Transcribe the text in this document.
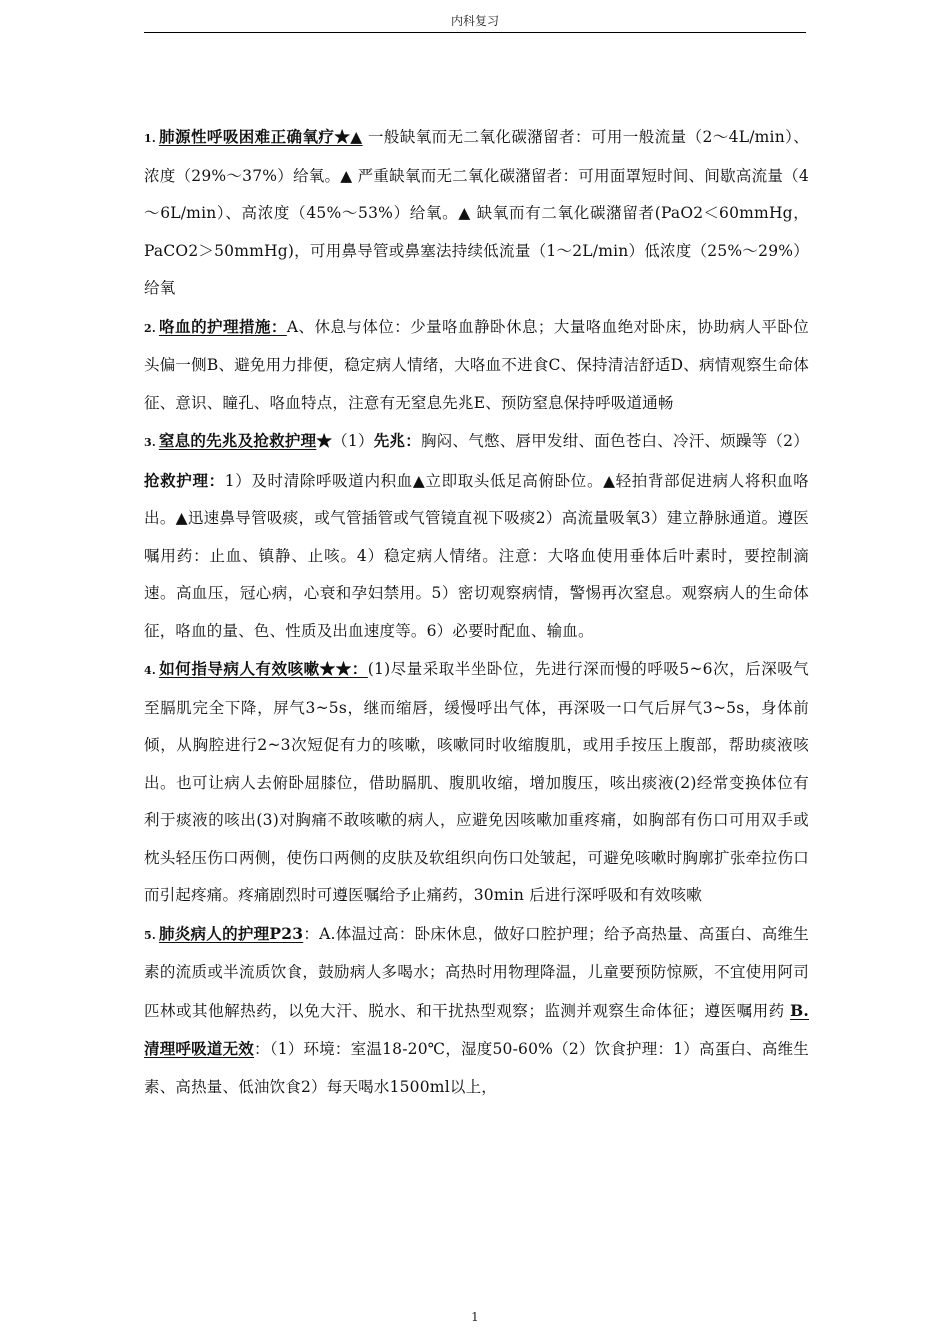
内科复习

1. 肺源性呼吸困难正确氧疗★▲ 一般缺氧而无二氧化碳潴留者：可用一般流量（2～4L/min）、浓度（29%～37%）给氧。▲ 严重缺氧而无二氧化碳潴留者：可用面罩短时间、间歇高流量（4～6L/min）、高浓度（45%～53%）给氧。▲ 缺氧而有二氧化碳潴留者(PaO2＜60mmHg，PaCO2＞50mmHg)，可用鼻导管或鼻塞法持续低流量（1～2L/min）低浓度（25%～29%）给氧

2. 咯血的护理措施：A、休息与体位：少量咯血静卧休息；大量咯血绝对卧床，协助病人平卧位头偏一侧B、避免用力排便，稳定病人情绪，大咯血不进食C、保持清洁舒适D、病情观察生命体征、意识、瞳孔、咯血特点，注意有无窒息先兆E、预防窒息保持呼吸道通畅

3. 窒息的先兆及抢救护理★（1）先兆：胸闷、气憋、唇甲发绀、面色苍白、冷汗、烦躁等（2）抢救护理：1）及时清除呼吸道内积血▲立即取头低足高俯卧位。▲轻拍背部促进病人将积血咯出。▲迅速鼻导管吸痰，或气管插管或气管镜直视下吸痰2）高流量吸氧3）建立静脉通道。遵医嘱用药：止血、镇静、止咳。4）稳定病人情绪。注意：大咯血使用垂体后叶素时，要控制滴速。高血压，冠心病，心衰和孕妇禁用。5）密切观察病情，警惕再次窒息。观察病人的生命体征，咯血的量、色、性质及出血速度等。6）必要时配血、输血。

4. 如何指导病人有效咳嗽★★：(1)尽量采取半坐卧位，先进行深而慢的呼吸5~6次，后深吸气至膈肌完全下降，屏气3~5s，继而缩唇，缓慢呼出气体，再深吸一口气后屏气3~5s，身体前倾，从胸腔进行2~3次短促有力的咳嗽，咳嗽同时收缩腹肌，或用手按压上腹部，帮助痰液咳出。也可让病人去俯卧屈膝位，借助膈肌、腹肌收缩，增加腹压，咳出痰液(2)经常变换体位有利于痰液的咳出(3)对胸痛不敢咳嗽的病人，应避免因咳嗽加重疼痛，如胸部有伤口可用双手或枕头轻压伤口两侧，使伤口两侧的皮肤及软组织向伤口处皱起，可避免咳嗽时胸廓扩张牵拉伤口而引起疼痛。疼痛剧烈时可遵医嘱给予止痛药，30min 后进行深呼吸和有效咳嗽

5. 肺炎病人的护理P23：A.体温过高：卧床休息，做好口腔护理；给予高热量、高蛋白、高维生素的流质或半流质饮食，鼓励病人多喝水；高热时用物理降温，儿童要预防惊厥，不宜使用阿司匹林或其他解热药，以免大汗、脱水、和干扰热型观察；监测并观察生命体征；遵医嘱用药 B. 清理呼吸道无效：（1）环境：室温18-20℃，湿度50-60%（2）饮食护理：1）高蛋白、高维生素、高热量、低油饮食2）每天喝水1500ml以上，

1
